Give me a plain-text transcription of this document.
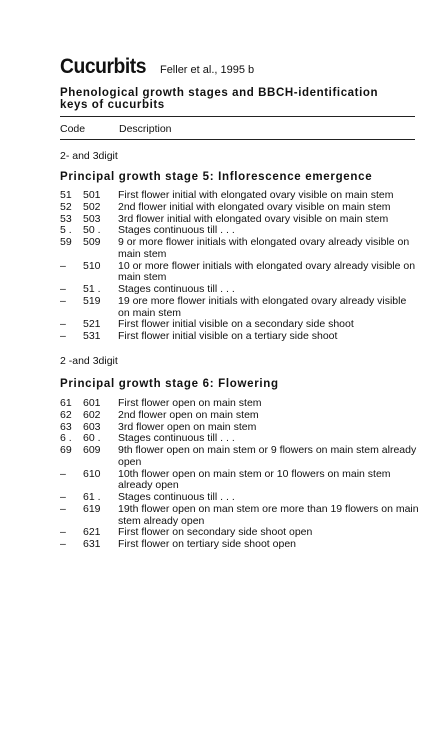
Cucurbits Feller et al., 1995 b
Phenological growth stages and BBCH-identification keys of cucurbits
Code	Description
2- and 3digit
Principal growth stage 5: Inflorescence emergence
51	501	First flower initial with elongated ovary visible on main stem
52	502	2nd flower initial with elongated ovary visible on main stem
53	503	3rd flower initial with elongated ovary visible on main stem
5 .	50 .	Stages continuous till . . .
59	509	9 or more flower initials with elongated ovary already visible on main stem
–	510	10 or more flower initials with elongated ovary already visible on main stem
–	51 .	Stages continuous till . . .
–	519	19 ore more flower initials with elongated ovary already visible on main stem
–	521	First flower initial visible on a secondary side shoot
–	531	First flower initial visible on a tertiary side shoot
2 -and 3digit
Principal growth stage 6: Flowering
61	601	First flower open on main stem
62	602	2nd flower open on main stem
63	603	3rd flower open on main stem
6 .	60 .	Stages continuous till . . .
69	609	9th flower open on main stem or 9 flowers on main stem already open
–	610	10th flower open on main stem or 10 flowers on main stem already open
–	61 .	Stages continuous till . . .
–	619	19th flower open on man stem ore more than 19 flowers on main stem already open
–	621	First flower on secondary side shoot open
–	631	First flower on tertiary side shoot open
